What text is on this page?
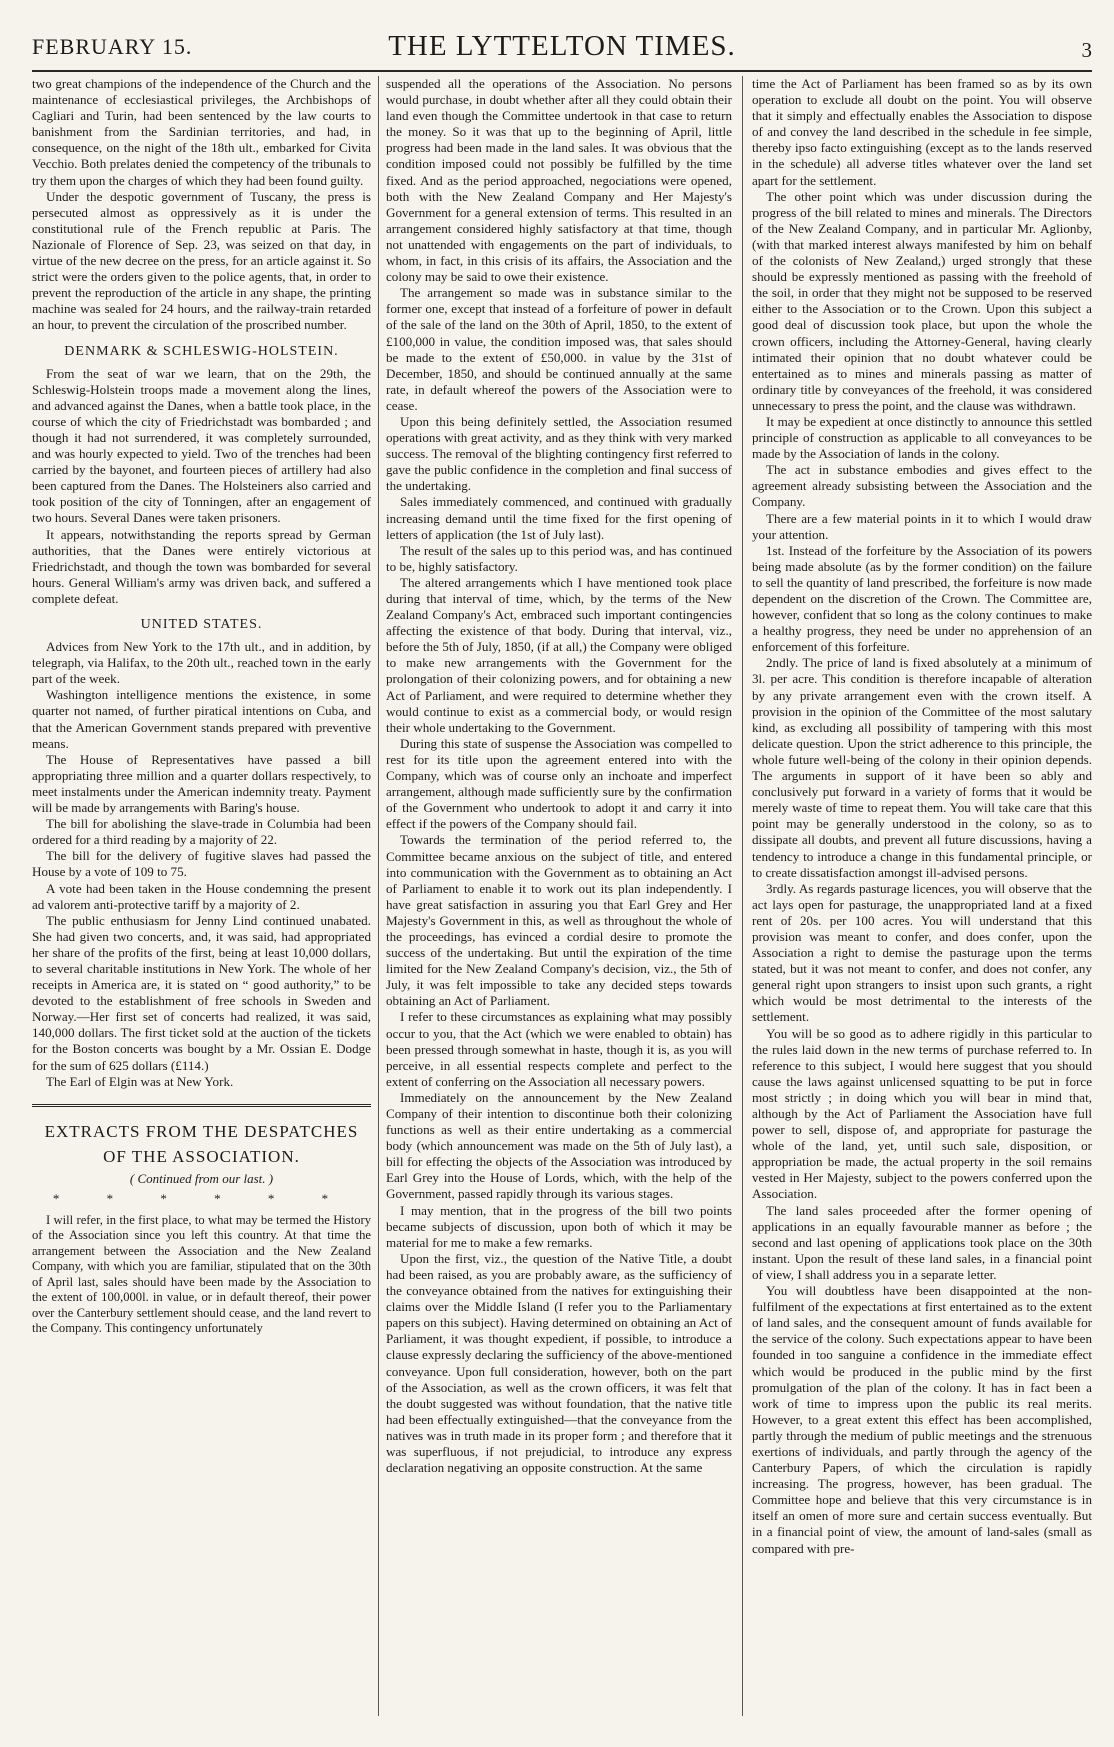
FEBRUARY 15.	THE LYTTELTON TIMES.	3

two great champions of the independence of the Church and the maintenance of ecclesiastical privileges, the Archbishops of Cagliari and Turin, had been sentenced by the law courts to banishment from the Sardinian territories, and had, in consequence, on the night of the 18th ult., embarked for Civita Vecchio. Both prelates denied the competency of the tribunals to try them upon the charges of which they had been found guilty.

Under the despotic government of Tuscany, the press is persecuted almost as oppressively as it is under the constitutional rule of the French republic at Paris. The Nazionale of Florence of Sep. 23, was seized on that day, in virtue of the new decree on the press, for an article against it. So strict were the orders given to the police agents, that, in order to prevent the reproduction of the article in any shape, the printing machine was sealed for 24 hours, and the railway-train retarded an hour, to prevent the circulation of the proscribed number.

DENMARK & SCHLESWIG-HOLSTEIN.

From the seat of war we learn, that on the 29th, the Schleswig-Holstein troops made a movement along the lines, and advanced against the Danes, when a battle took place, in the course of which the city of Friedrichstadt was bombarded ; and though it had not surrendered, it was completely surrounded, and was hourly expected to yield. Two of the trenches had been carried by the bayonet, and fourteen pieces of artillery had also been captured from the Danes. The Holsteiners also carried and took position of the city of Tonningen, after an engagement of two hours. Several Danes were taken prisoners.

It appears, notwithstanding the reports spread by German authorities, that the Danes were entirely victorious at Friedrichstadt, and though the town was bombarded for several hours. General William's army was driven back, and suffered a complete defeat.

UNITED STATES.

Advices from New York to the 17th ult., and in addition, by telegraph, via Halifax, to the 20th ult., reached town in the early part of the week.

Washington intelligence mentions the existence, in some quarter not named, of further piratical intentions on Cuba, and that the American Government stands prepared with preventive means.

The House of Representatives have passed a bill appropriating three million and a quarter dollars respectively, to meet instalments under the American indemnity treaty. Payment will be made by arrangements with Baring's house.

The bill for abolishing the slave-trade in Columbia had been ordered for a third reading by a majority of 22.

The bill for the delivery of fugitive slaves had passed the House by a vote of 109 to 75.

A vote had been taken in the House condemning the present ad valorem anti-protective tariff by a majority of 2.

The public enthusiasm for Jenny Lind continued unabated. She had given two concerts, and, it was said, had appropriated her share of the profits of the first, being at least 10,000 dollars, to several charitable institutions in New York. The whole of her receipts in America are, it is stated on “ good authority,” to be devoted to the establishment of free schools in Sweden and Norway.—Her first set of concerts had realized, it was said, 140,000 dollars. The first ticket sold at the auction of the tickets for the Boston concerts was bought by a Mr. Ossian E. Dodge for the sum of 625 dollars (£114.)

The Earl of Elgin was at New York.

EXTRACTS FROM THE DESPATCHES
OF THE ASSOCIATION.
( Continued from our last. )
* * * * * *

I will refer, in the first place, to what may be termed the History of the Association since you left this country. At that time the arrangement between the Association and the New Zealand Company, with which you are familiar, stipulated that on the 30th of April last, sales should have been made by the Association to the extent of 100,000l. in value, or in default thereof, their power over the Canterbury settlement should cease, and the land revert to the Company. This contingency unfortunately

suspended all the operations of the Association. No persons would purchase, in doubt whether after all they could obtain their land even though the Committee undertook in that case to return the money. So it was that up to the beginning of April, little progress had been made in the land sales. It was obvious that the condition imposed could not possibly be fulfilled by the time fixed. And as the period approached, negociations were opened, both with the New Zealand Company and Her Majesty's Government for a general extension of terms. This resulted in an arrangement considered highly satisfactory at that time, though not unattended with engagements on the part of individuals, to whom, in fact, in this crisis of its affairs, the Association and the colony may be said to owe their existence.

The arrangement so made was in substance similar to the former one, except that instead of a forfeiture of power in default of the sale of the land on the 30th of April, 1850, to the extent of £100,000 in value, the condition imposed was, that sales should be made to the extent of £50,000. in value by the 31st of December, 1850, and should be continued annually at the same rate, in default whereof the powers of the Association were to cease.

Upon this being definitely settled, the Association resumed operations with great activity, and as they think with very marked success. The removal of the blighting contingency first referred to gave the public confidence in the completion and final success of the undertaking.

Sales immediately commenced, and continued with gradually increasing demand until the time fixed for the first opening of letters of application (the 1st of July last).

The result of the sales up to this period was, and has continued to be, highly satisfactory.

The altered arrangements which I have mentioned took place during that interval of time, which, by the terms of the New Zealand Company's Act, embraced such important contingencies affecting the existence of that body. During that interval, viz., before the 5th of July, 1850, (if at all,) the Company were obliged to make new arrangements with the Government for the prolongation of their colonizing powers, and for obtaining a new Act of Parliament, and were required to determine whether they would continue to exist as a commercial body, or would resign their whole undertaking to the Government.

During this state of suspense the Association was compelled to rest for its title upon the agreement entered into with the Company, which was of course only an inchoate and imperfect arrangement, although made sufficiently sure by the confirmation of the Government who undertook to adopt it and carry it into effect if the powers of the Company should fail.

Towards the termination of the period referred to, the Committee became anxious on the subject of title, and entered into communication with the Government as to obtaining an Act of Parliament to enable it to work out its plan independently. I have great satisfaction in assuring you that Earl Grey and Her Majesty's Government in this, as well as throughout the whole of the proceedings, has evinced a cordial desire to promote the success of the undertaking. But until the expiration of the time limited for the New Zealand Company's decision, viz., the 5th of July, it was felt impossible to take any decided steps towards obtaining an Act of Parliament.

I refer to these circumstances as explaining what may possibly occur to you, that the Act (which we were enabled to obtain) has been pressed through somewhat in haste, though it is, as you will perceive, in all essential respects complete and perfect to the extent of conferring on the Association all necessary powers.

Immediately on the announcement by the New Zealand Company of their intention to discontinue both their colonizing functions as well as their entire undertaking as a commercial body (which announcement was made on the 5th of July last), a bill for effecting the objects of the Association was introduced by Earl Grey into the House of Lords, which, with the help of the Government, passed rapidly through its various stages.

I may mention, that in the progress of the bill two points became subjects of discussion, upon both of which it may be material for me to make a few remarks.

Upon the first, viz., the question of the Native Title, a doubt had been raised, as you are probably aware, as the sufficiency of the conveyance obtained from the natives for extinguishing their claims over the Middle Island (I refer you to the Parliamentary papers on this subject). Having determined on obtaining an Act of Parliament, it was thought expedient, if possible, to introduce a clause expressly declaring the sufficiency of the above-mentioned conveyance. Upon full consideration, however, both on the part of the Association, as well as the crown officers, it was felt that the doubt suggested was without foundation, that the native title had been effectually extinguished—that the conveyance from the natives was in truth made in its proper form ; and therefore that it was superfluous, if not prejudicial, to introduce any express declaration negativing an opposite construction. At the same

time the Act of Parliament has been framed so as by its own operation to exclude all doubt on the point. You will observe that it simply and effectually enables the Association to dispose of and convey the land described in the schedule in fee simple, thereby ipso facto extinguishing (except as to the lands reserved in the schedule) all adverse titles whatever over the land set apart for the settlement.

The other point which was under discussion during the progress of the bill related to mines and minerals. The Directors of the New Zealand Company, and in particular Mr. Aglionby, (with that marked interest always manifested by him on behalf of the colonists of New Zealand,) urged strongly that these should be expressly mentioned as passing with the freehold of the soil, in order that they might not be supposed to be reserved either to the Association or to the Crown. Upon this subject a good deal of discussion took place, but upon the whole the crown officers, including the Attorney-General, having clearly intimated their opinion that no doubt whatever could be entertained as to mines and minerals passing as matter of ordinary title by conveyances of the freehold, it was considered unnecessary to press the point, and the clause was withdrawn.

It may be expedient at once distinctly to announce this settled principle of construction as applicable to all conveyances to be made by the Association of lands in the colony.

The act in substance embodies and gives effect to the agreement already subsisting between the Association and the Company.

There are a few material points in it to which I would draw your attention.

1st. Instead of the forfeiture by the Association of its powers being made absolute (as by the former condition) on the failure to sell the quantity of land prescribed, the forfeiture is now made dependent on the discretion of the Crown. The Committee are, however, confident that so long as the colony continues to make a healthy progress, they need be under no apprehension of an enforcement of this forfeiture.

2ndly. The price of land is fixed absolutely at a minimum of 3l. per acre. This condition is therefore incapable of alteration by any private arrangement even with the crown itself. A provision in the opinion of the Committee of the most salutary kind, as excluding all possibility of tampering with this most delicate question. Upon the strict adherence to this principle, the whole future well-being of the colony in their opinion depends. The arguments in support of it have been so ably and conclusively put forward in a variety of forms that it would be merely waste of time to repeat them. You will take care that this point may be generally understood in the colony, so as to dissipate all doubts, and prevent all future discussions, having a tendency to introduce a change in this fundamental principle, or to create dissatisfaction amongst ill-advised persons.

3rdly. As regards pasturage licences, you will observe that the act lays open for pasturage, the unappropriated land at a fixed rent of 20s. per 100 acres. You will understand that this provision was meant to confer, and does confer, upon the Association a right to demise the pasturage upon the terms stated, but it was not meant to confer, and does not confer, any general right upon strangers to insist upon such grants, a right which would be most detrimental to the interests of the settlement.

You will be so good as to adhere rigidly in this particular to the rules laid down in the new terms of purchase referred to. In reference to this subject, I would here suggest that you should cause the laws against unlicensed squatting to be put in force most strictly ; in doing which you will bear in mind that, although by the Act of Parliament the Association have full power to sell, dispose of, and appropriate for pasturage the whole of the land, yet, until such sale, disposition, or appropriation be made, the actual property in the soil remains vested in Her Majesty, subject to the powers conferred upon the Association.

The land sales proceeded after the former opening of applications in an equally favourable manner as before ; the second and last opening of applications took place on the 30th instant. Upon the result of these land sales, in a financial point of view, I shall address you in a separate letter.

You will doubtless have been disappointed at the non-fulfilment of the expectations at first entertained as to the extent of land sales, and the consequent amount of funds available for the service of the colony. Such expectations appear to have been founded in too sanguine a confidence in the immediate effect which would be produced in the public mind by the first promulgation of the plan of the colony. It has in fact been a work of time to impress upon the public its real merits. However, to a great extent this effect has been accomplished, partly through the medium of public meetings and the strenuous exertions of individuals, and partly through the agency of the Canterbury Papers, of which the circulation is rapidly increasing. The progress, however, has been gradual. The Committee hope and believe that this very circumstance is in itself an omen of more sure and certain success eventually. But in a financial point of view, the amount of land-sales (small as compared with pre-
